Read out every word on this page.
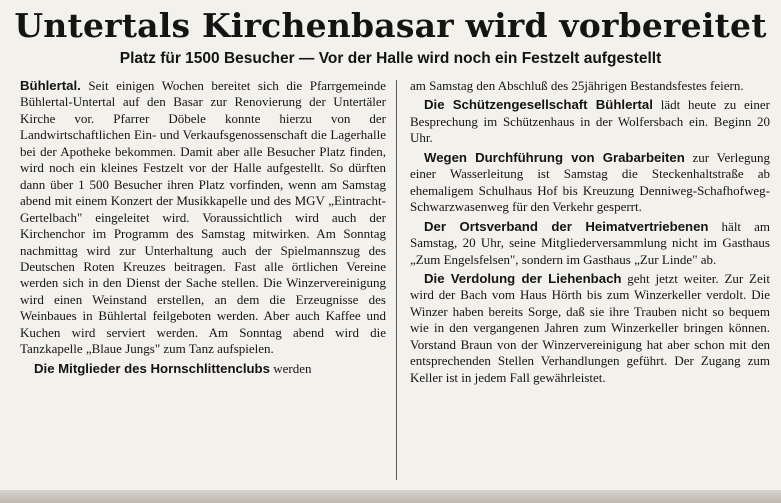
Untertals Kirchenbasar wird vorbereitet
Platz für 1500 Besucher — Vor der Halle wird noch ein Festzelt aufgestellt

Bühlertal. Seit einigen Wochen bereitet sich die Pfarrgemeinde Bühlertal-Untertal auf den Basar zur Renovierung der Untertäler Kirche vor. Pfarrer Döbele konnte hierzu von der Landwirtschaftlichen Ein- und Verkaufsgenossenschaft die Lagerhalle bei der Apotheke bekommen. Damit aber alle Besucher Platz finden, wird noch ein kleines Festzelt vor der Halle aufgestellt. So dürften dann über 1 500 Besucher ihren Platz vorfinden, wenn am Samstag abend mit einem Konzert der Musikkapelle und des MGV „Eintracht-Gertelbach" eingeleitet wird. Voraussichtlich wird auch der Kirchenchor im Programm des Samstag mitwirken. Am Sonntag nachmittag wird zur Unterhaltung auch der Spielmannszug des Deutschen Roten Kreuzes beitragen. Fast alle örtlichen Vereine werden sich in den Dienst der Sache stellen. Die Winzervereinigung wird einen Weinstand erstellen, an dem die Erzeugnisse des Weinbaues in Bühlertal feilgeboten werden. Aber auch Kaffee und Kuchen wird serviert werden. Am Sonntag abend wird die Tanzkapelle „Blaue Jungs" zum Tanz aufspielen.

Die Mitglieder des Hornschlittenclubs werden

am Samstag den Abschluß des 25jährigen Bestandsfestes feiern.

Die Schützengesellschaft Bühlertal lädt heute zu einer Besprechung im Schützenhaus in der Wolfersbach ein. Beginn 20 Uhr.

Wegen Durchführung von Grabarbeiten zur Verlegung einer Wasserleitung ist Samstag die Steckenhaltstraße ab ehemaligem Schulhaus Hof bis Kreuzung Denniweg-Schafhofweg-Schwarzwasenweg für den Verkehr gesperrt.

Der Ortsverband der Heimatvertriebenen hält am Samstag, 20 Uhr, seine Mitgliederversammlung nicht im Gasthaus „Zum Engelsfelsen", sondern im Gasthaus „Zur Linde" ab.

Die Verdolung der Liehenbach geht jetzt weiter. Zur Zeit wird der Bach vom Haus Hörth bis zum Winzerkeller verdolt. Die Winzer haben bereits Sorge, daß sie ihre Trauben nicht so bequem wie in den vergangenen Jahren zum Winzerkeller bringen können. Vorstand Braun von der Winzervereinigung hat aber schon mit den entsprechenden Stellen Verhandlungen geführt. Der Zugang zum Keller ist in jedem Fall gewährleistet.
